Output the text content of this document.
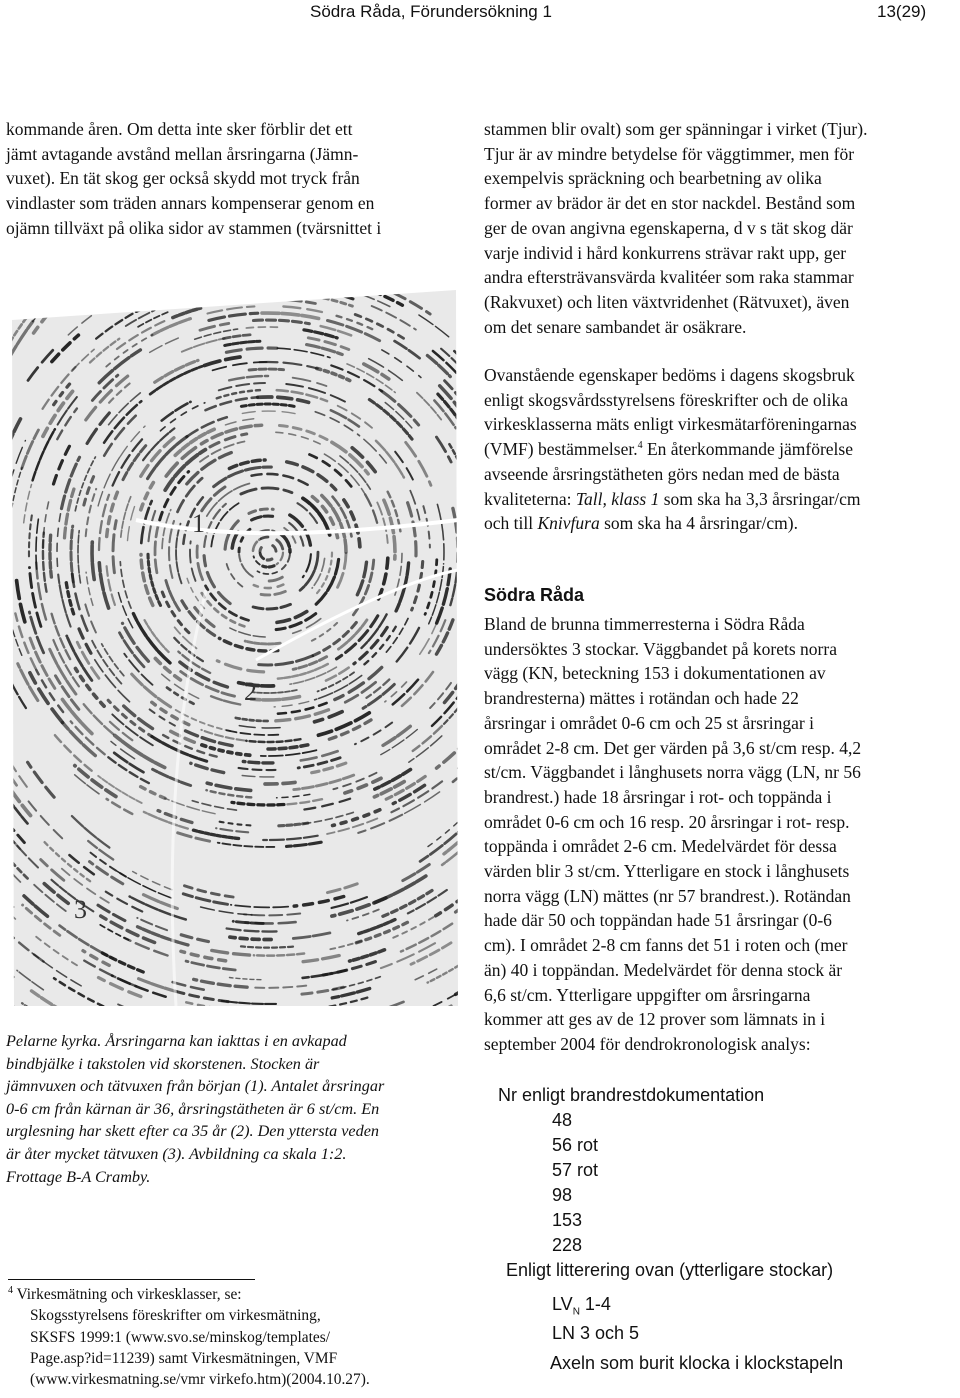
Södra Råda, Förundersökning 1	13(29)

kommande åren. Om detta inte sker förblir det ett

jämt avtagande avstånd mellan årsringarna (Jämn-

vuxet). En tät skog ger också skydd mot tryck från

vindlaster som träden annars kompenserar genom en

ojämn tillväxt på olika sidor av stammen (tvärsnittet i

1
2
3

Pelarne kyrka. Årsringarna kan iakttas i en avkapad

bindbjälke i takstolen vid skorstenen. Stocken är

jämnvuxen och tätvuxen från början (1). Antalet årsringar

0-6 cm från kärnan är 36, årsringstätheten är 6 st/cm. En

urglesning har skett efter ca 35 år (2). Den yttersta veden

är åter mycket tätvuxen (3). Avbildning ca skala 1:2.

Frottage B-A Cramby.

$^4$ Virkesmätning och virkesklasser, se:
Skogsstyrelsens föreskrifter om virkesmätning,
SKSFS 1999:1 (www.svo.se/minskog/templates/
Page.asp?id=11239) samt Virkesmätningen, VMF
(www.virkesmatning.se/vmr virkefo.htm)(2004.10.27).

stammen blir ovalt) som ger spänningar i virket (Tjur).

Tjur är av mindre betydelse för väggtimmer, men för

exempelvis spräckning och bearbetning av olika

former av brädor är det en stor nackdel. Bestånd som

ger de ovan angivna egenskaperna, d v s tät skog där

varje individ i hård konkurrens strävar rakt upp, ger

andra eftersträvansvärda kvalitéer som raka stammar

(Rakvuxet) och liten växtvridenhet (Rätvuxet), även

om det senare sambandet är osäkrare.

Ovanstående egenskaper bedöms i dagens skogsbruk

enligt skogsvårdsstyrelsens föreskrifter och de olika

virkesklasserna mäts enligt virkesmätarföreningarnas

(VMF) bestämmelser.$^4$ En återkommande jämförelse

avseende årsringstätheten görs nedan med de bästa

kvaliteterna: Tall, klass 1 som ska ha 3,3 årsringar/cm

och till Knivfura som ska ha 4 årsringar/cm).

Södra Råda

Bland de brunna timmerresterna i Södra Råda

undersöktes 3 stockar. Väggbandet på korets norra

vägg (KN, beteckning 153 i dokumentationen av

brandresterna) mättes i rotändan och hade 22

årsringar i området 0-6 cm och 25 st årsringar i

området 2-8 cm. Det ger värden på 3,6 st/cm resp. 4,2

st/cm. Väggbandet i långhusets norra vägg (LN, nr 56

brandrest.) hade 18 årsringar i rot- och toppända i

området 0-6 cm och 16 resp. 20 årsringar i rot- resp.

toppända i området 2-6 cm. Medelvärdet för dessa

värden blir 3 st/cm. Ytterligare en stock i långhusets

norra vägg (LN) mättes (nr 57 brandrest.). Rotändan

hade där 50 och toppändan hade 51 årsringar (0-6

cm). I området 2-8 cm fanns det 51 i roten och (mer

än) 40 i toppändan. Medelvärdet för denna stock är

6,6 st/cm. Ytterligare uppgifter om årsringarna

kommer att ges av de 12 prover som lämnats in i

september 2004 för dendrokronologisk analys:

Nr enligt brandrestdokumentation
48
56 rot
57 rot
98
153
228
Enligt litterering ovan (ytterligare stockar)
$LV_N$ 1-4
LN 3 och 5
Axeln som burit klocka i klockstapeln
